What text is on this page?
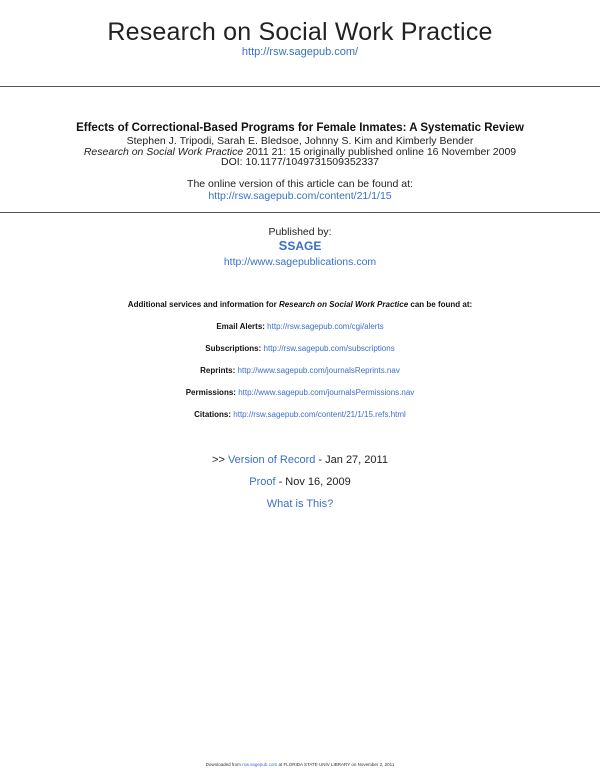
Research on Social Work Practice
http://rsw.sagepub.com/
Effects of Correctional-Based Programs for Female Inmates: A Systematic Review
Stephen J. Tripodi, Sarah E. Bledsoe, Johnny S. Kim and Kimberly Bender
Research on Social Work Practice 2011 21: 15 originally published online 16 November 2009
DOI: 10.1177/1049731509352337
The online version of this article can be found at:
http://rsw.sagepub.com/content/21/1/15
Published by:
SSAGE
http://www.sagepublications.com
Additional services and information for Research on Social Work Practice can be found at:
Email Alerts: http://rsw.sagepub.com/cgi/alerts
Subscriptions: http://rsw.sagepub.com/subscriptions
Reprints: http://www.sagepub.com/journalsReprints.nav
Permissions: http://www.sagepub.com/journalsPermissions.nav
Citations: http://rsw.sagepub.com/content/21/1/15.refs.html
>> Version of Record - Jan 27, 2011
Proof - Nov 16, 2009
What is This?
Downloaded from rsw.sagepub.com at FLORIDA STATE UNIV LIBRARY on November 2, 2011
